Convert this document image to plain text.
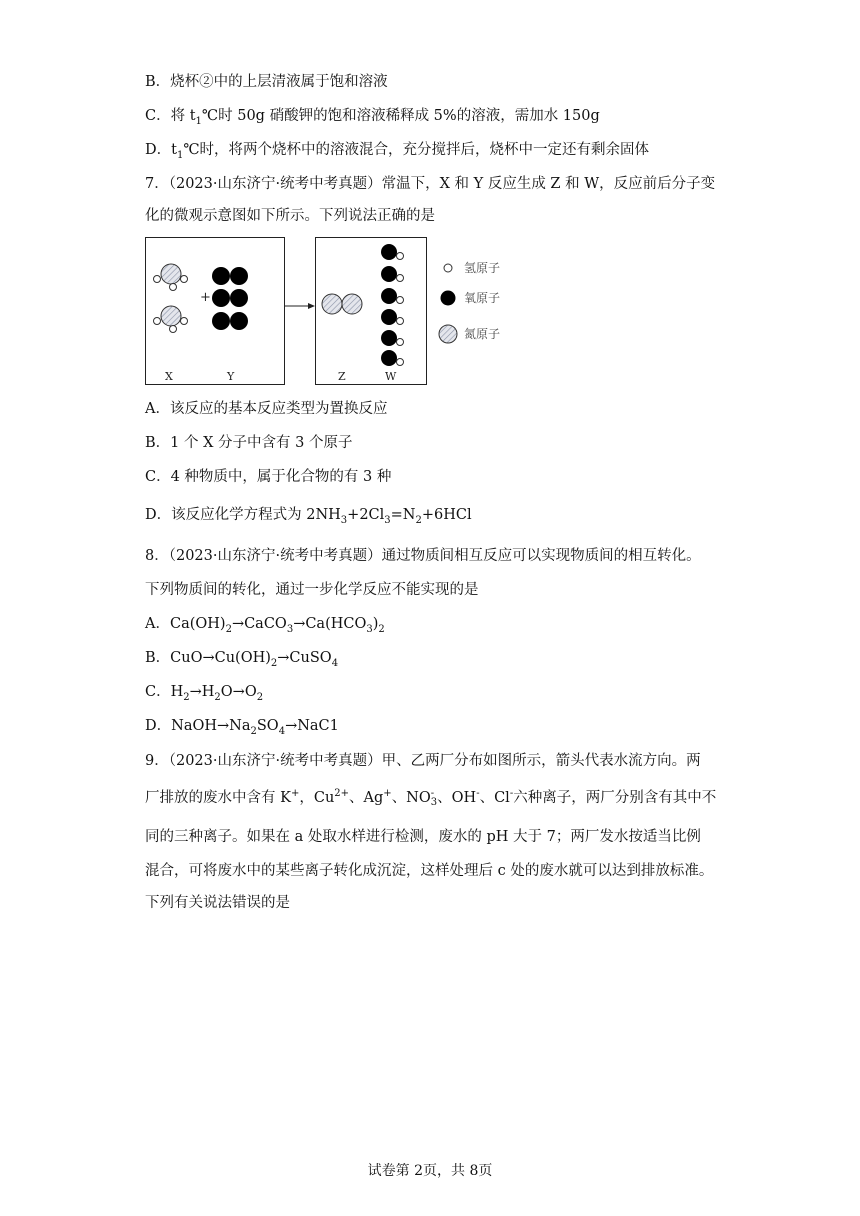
B．烧杯②中的上层清液属于饱和溶液
C．将 $t_1℃$时 50g 硝酸钾的饱和溶液稀释成 5%的溶液，需加水 150g
D．$t_1℃$时，将两个烧杯中的溶液混合，充分搅拌后，烧杯中一定还有剩余固体
7．（2023·山东济宁·统考中考真题）常温下，X 和 Y 反应生成 Z 和 W，反应前后分子变
化的微观示意图如下所示。下列说法正确的是
+
X	Y	Z	W
氢原子
氧原子
氮原子
A．该反应的基本反应类型为置换反应
B．1 个 X 分子中含有 3 个原子
C．4 种物质中，属于化合物的有 3 种
D．该反应化学方程式为 $2NH_3+2Cl_3=N_2+6HCl$
8．（2023·山东济宁·统考中考真题）通过物质间相互反应可以实现物质间的相互转化。
下列物质间的转化，通过一步化学反应不能实现的是
A．$Ca(OH)_2\to CaCO_3\to Ca(HCO_3)_2$
B．$CuO\to Cu(OH)_2\to CuSO_4$
C．$H_2\to H_2O\to O_2$
D．$NaOH\to Na_2SO_4\to NaC1$
9．（2023·山东济宁·统考中考真题）甲、乙两厂分布如图所示，箭头代表水流方向。两
厂排放的废水中含有 K+，$Cu^{2+}$、Ag+、NO -
3 、OH-、Cl-六种离子，两厂分别含有其中不
同的三种离子。如果在 a 处取水样进行检测，废水的 pH 大于 7；两厂发水按适当比例
混合，可将废水中的某些离子转化成沉淀，这样处理后 c 处的废水就可以达到排放标准。
下列有关说法错误的是
试卷第 2页，共 8页
